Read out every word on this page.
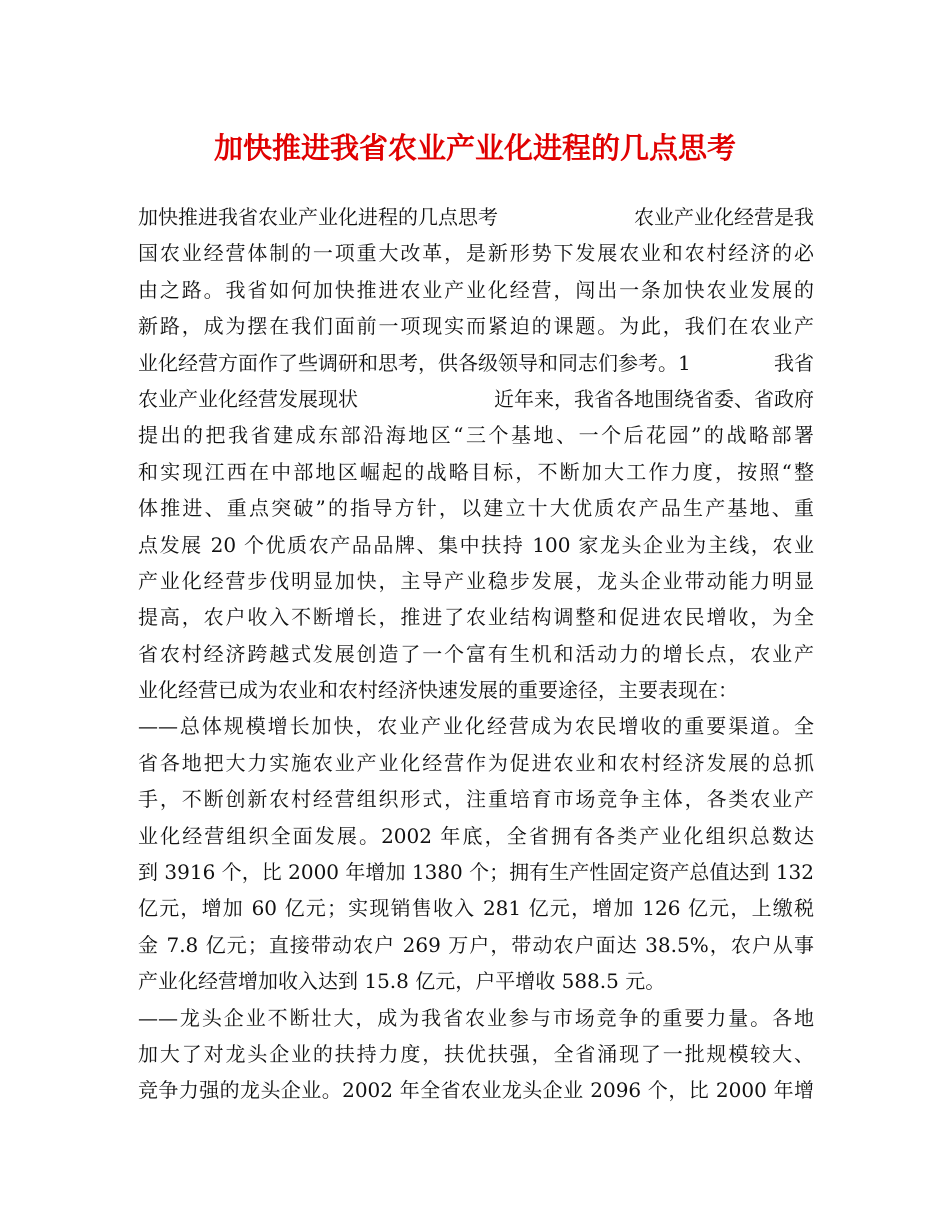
加快推进我省农业产业化进程的几点思考
加快推进我省农业产业化进程的几点思考	农业产业化经营是我
国农业经营体制的一项重大改革，是新形势下发展农业和农村经济的必
由之路。我省如何加快推进农业产业化经营，闯出一条加快农业发展的
新路，成为摆在我们面前一项现实而紧迫的课题。为此，我们在农业产
业化经营方面作了些调研和思考，供各级领导和同志们参考。1	我省
农业产业化经营发展现状	近年来，我省各地围绕省委、省政府
提出的把我省建成东部沿海地区“三个基地、一个后花园”的战略部署
和实现江西在中部地区崛起的战略目标，不断加大工作力度，按照“整
体推进、重点突破”的指导方针，以建立十大优质农产品生产基地、重
点发展 20 个优质农产品品牌、集中扶持 100 家龙头企业为主线，农业
产业化经营步伐明显加快，主导产业稳步发展，龙头企业带动能力明显
提高，农户收入不断增长，推进了农业结构调整和促进农民增收，为全
省农村经济跨越式发展创造了一个富有生机和活动力的增长点，农业产
业化经营已成为农业和农村经济快速发展的重要途径，主要表现在：
——总体规模增长加快，农业产业化经营成为农民增收的重要渠道。全
省各地把大力实施农业产业化经营作为促进农业和农村经济发展的总抓
手，不断创新农村经营组织形式，注重培育市场竞争主体，各类农业产
业化经营组织全面发展。2002 年底，全省拥有各类产业化组织总数达
到 3916 个，比 2000 年增加 1380 个；拥有生产性固定资产总值达到 132
亿元，增加 60 亿元；实现销售收入 281 亿元，增加 126 亿元，上缴税
金 7.8 亿元；直接带动农户 269 万户，带动农户面达 38.5%，农户从事
产业化经营增加收入达到 15.8 亿元，户平增收 588.5 元。
——龙头企业不断壮大，成为我省农业参与市场竞争的重要力量。各地
加大了对龙头企业的扶持力度，扶优扶强，全省涌现了一批规模较大、
竞争力强的龙头企业。2002 年全省农业龙头企业 2096 个，比 2000 年增
